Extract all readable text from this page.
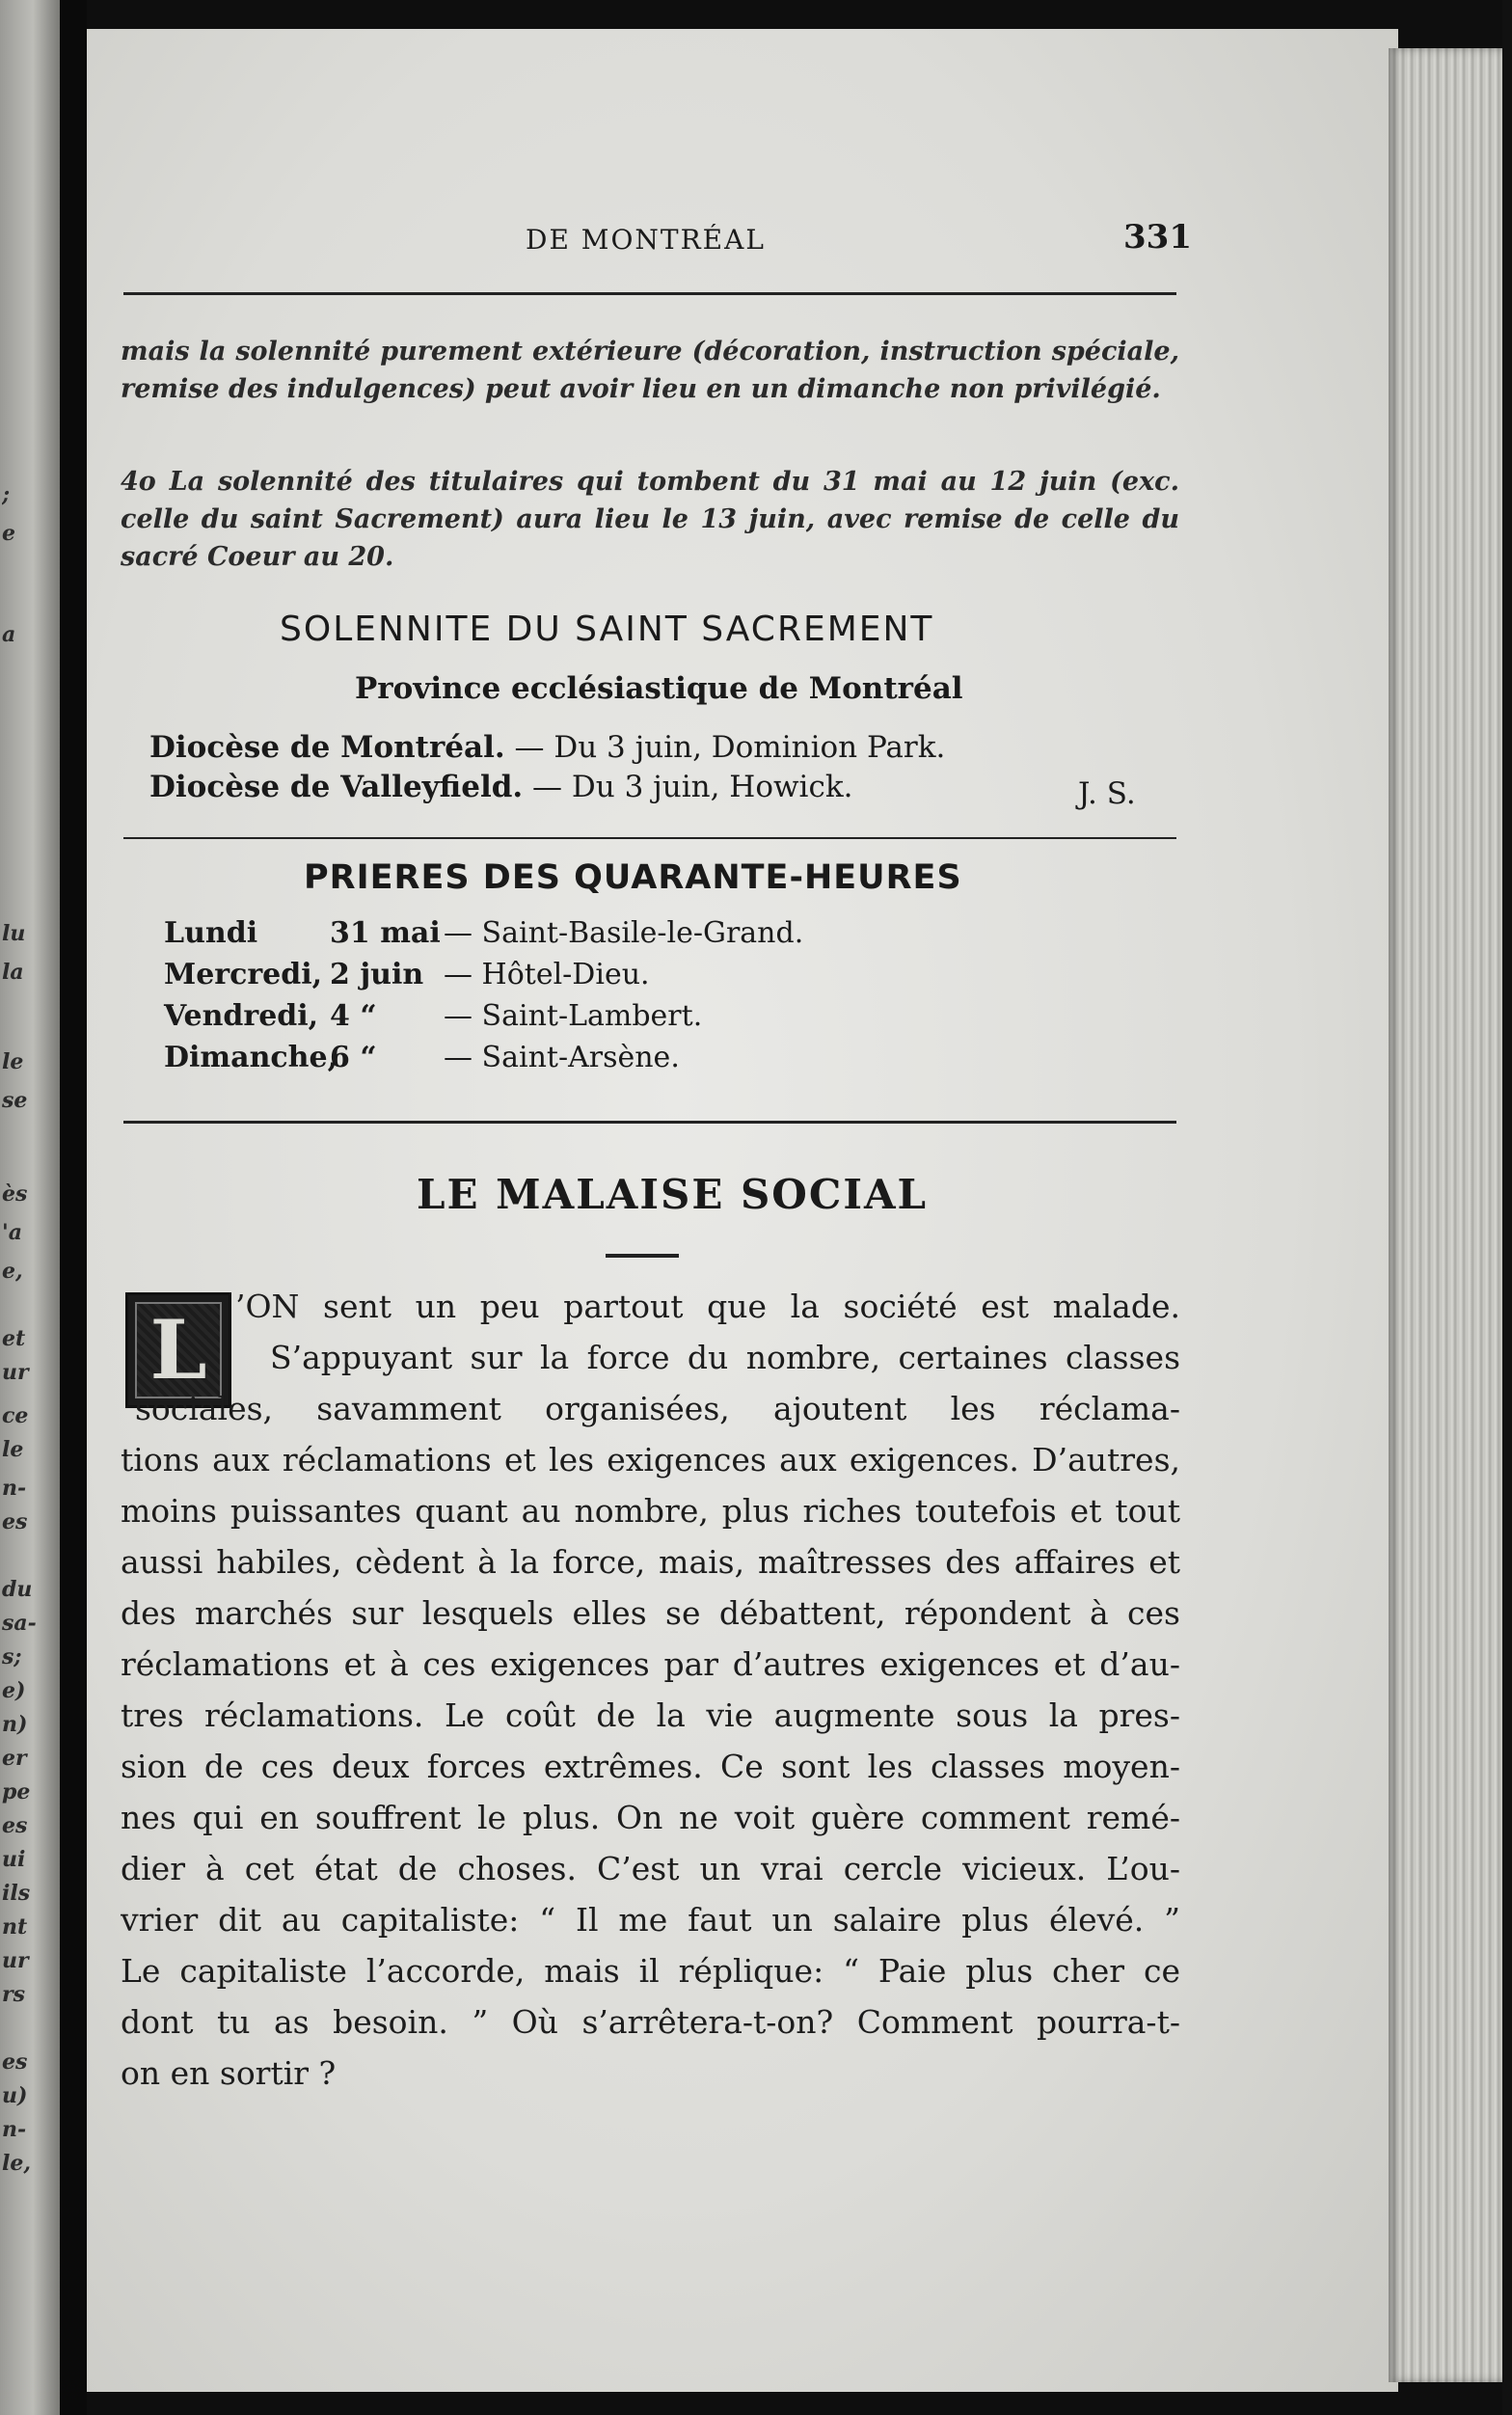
;
e
a
lu
la
le
se
ès
'a
e,
et
ur
ce
le
n-
es
du
sa-
s;
e)
n)
er
pe
es
ui
ils
nt
ur
rs
es
u)
n-
le,
DE MONTRÉAL	331
mais la solennité purement extérieure (décoration, instruction spéciale, remise des indulgences) peut avoir lieu en un dimanche non privilégié.
4o La solennité des titulaires qui tombent du 31 mai au 12 juin (exc. celle du saint Sacrement) aura lieu le 13 juin, avec remise de celle du sacré Coeur au 20.
SOLENNITE DU SAINT SACREMENT
Province ecclésiastique de Montréal
Diocèse de Montréal. — Du 3 juin, Dominion Park.
Diocèse de Valleyfield. — Du 3 juin, Howick.	J. S.
PRIERES DES QUARANTE-HEURES
Lundi 31 mai — Saint-Basile-le-Grand.
Mercredi, 2 juin — Hôtel-Dieu.
Vendredi, 4 “ — Saint-Lambert.
Dimanche,
6 “ — Saint-Arsène.
LE MALAISE SOCIAL
L ’ON sent un peu partout que la société est malade.
S’appuyant sur la force du nombre, certaines classes
sociales, savamment organisées, ajoutent les réclama-
tions aux réclamations et les exigences aux exigences. D’autres,
moins puissantes quant au nombre, plus riches toutefois et tout
aussi habiles, cèdent à la force, mais, maîtresses des affaires et
des marchés sur lesquels elles se débattent, répondent à ces
réclamations et à ces exigences par d’autres exigences et d’au-
tres réclamations. Le coût de la vie augmente sous la pres-
sion de ces deux forces extrêmes. Ce sont les classes moyen-
nes qui en souffrent le plus. On ne voit guère comment remé-
dier à cet état de choses. C’est un vrai cercle vicieux. L’ou-
vrier dit au capitaliste: “ Il me faut un salaire plus élevé. ”
Le capitaliste l’accorde, mais il réplique: “ Paie plus cher ce
dont tu as besoin. ” Où s’arrêtera-t-on? Comment pourra-t-
on en sortir ?
